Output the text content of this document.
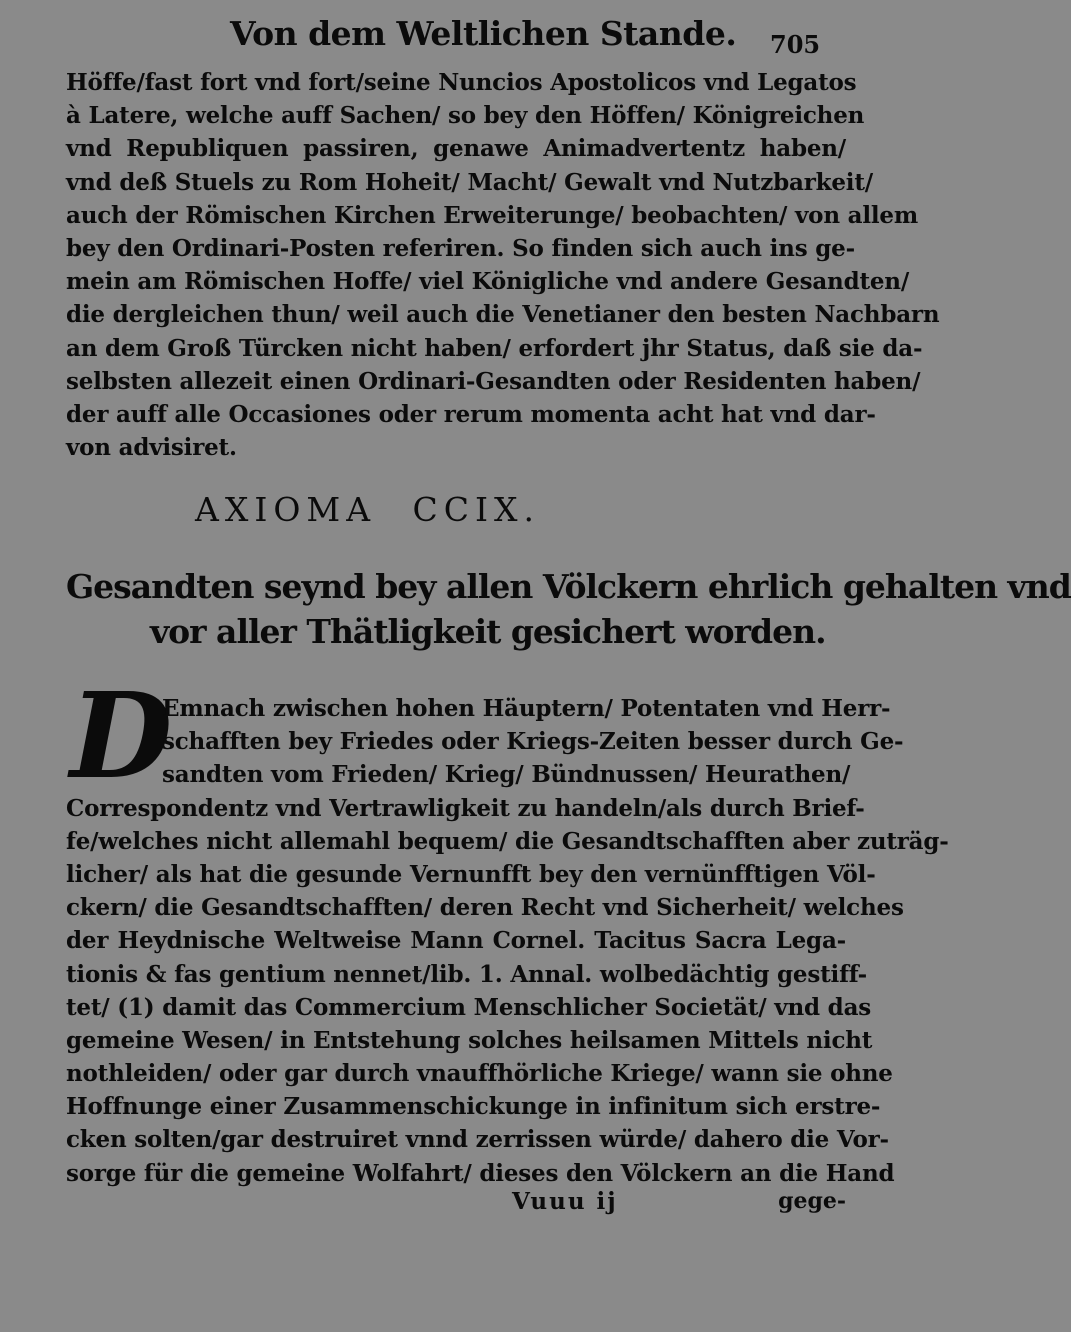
Von dem Weltlichen Stande. 705
Höffe/fast fort vnd fort/seine Nuncios Apostolicos vnd Legatos
à Latere, welche auff Sachen/ so bey den Höffen/ Königreichen
vnd Republiquen passiren, genawe Animadvertentz haben/
vnd deß Stuels zu Rom Hoheit/ Macht/ Gewalt vnd Nutzbarkeit/
auch der Römischen Kirchen Erweiterunge/ beobachten/ von allem
bey den Ordinari-Posten referiren. So finden sich auch ins ge-
mein am Römischen Hoffe/ viel Königliche vnd andere Gesandten/
die dergleichen thun/ weil auch die Venetianer den besten Nachbarn
an dem Groß Türcken nicht haben/ erfordert jhr Status, daß sie da-
selbsten allezeit einen Ordinari-Gesandten oder Residenten haben/
der auff alle Occasiones oder rerum momenta acht hat vnd dar-
von advisiret.
AXIOMA CCIX.
Gesandten seynd bey allen Völckern ehrlich gehalten vnd
vor aller Thätligkeit gesichert worden.
D
Emnach zwischen hohen Häuptern/ Potentaten vnd Herr-
schafften bey Friedes oder Kriegs-Zeiten besser durch Ge-
sandten vom Frieden/ Krieg/ Bündnussen/ Heurathen/
Correspondentz vnd Vertrawligkeit zu handeln/als durch Brief-
fe/welches nicht allemahl bequem/ die Gesandtschafften aber zuträg-
licher/ als hat die gesunde Vernunfft bey den vernünfftigen Völ-
ckern/ die Gesandtschafften/ deren Recht vnd Sicherheit/ welches
der Heydnische Weltweise Mann Cornel. Tacitus Sacra Lega-
tionis & fas gentium nennet/lib. 1. Annal. wolbedächtig gestiff-
tet/ (1) damit das Commercium Menschlicher Societät/ vnd das
gemeine Wesen/ in Entstehung solches heilsamen Mittels nicht
nothleiden/ oder gar durch vnauffhörliche Kriege/ wann sie ohne
Hoffnunge einer Zusammenschickunge in infinitum sich erstre-
cken solten/gar destruiret vnnd zerrissen würde/ dahero die Vor-
sorge für die gemeine Wolfahrt/ dieses den Völckern an die Hand
Vuuu ij	gege-
